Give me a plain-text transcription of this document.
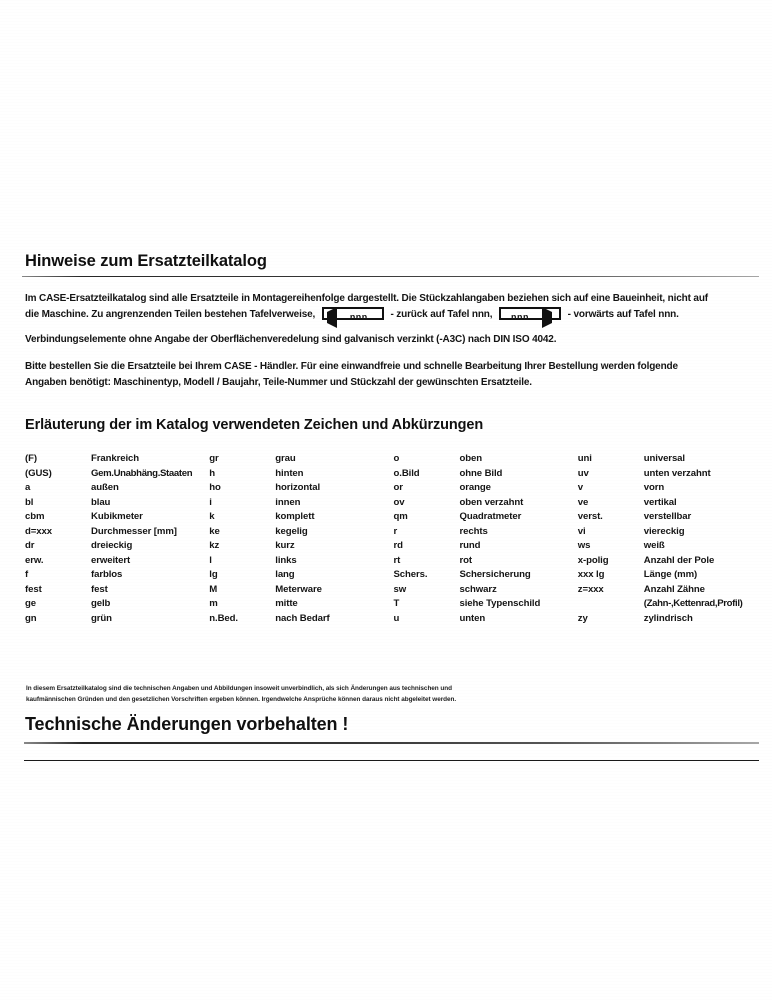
Hinweise zum Ersatzteilkatalog
Im CASE-Ersatzteilkatalog sind alle Ersatzteile in Montagereihenfolge dargestellt. Die Stückzahlangaben beziehen sich auf eine Baueinheit, nicht auf
die Maschine. Zu angrenzenden Teilen bestehen Tafelverweise,	nnn - zurück auf Tafel nnn, nnn	- vorwärts auf Tafel nnn.
Verbindungselemente ohne Angabe der Oberflächenveredelung sind galvanisch verzinkt (-A3C) nach DIN ISO 4042.
Bitte bestellen Sie die Ersatzteile bei Ihrem CASE - Händler. Für eine einwandfreie und schnelle Bearbeitung Ihrer Bestellung werden folgende
Angaben benötigt: Maschinentyp, Modell / Baujahr, Teile-Nummer und Stückzahl der gewünschten Ersatzteile.
Erläuterung der im Katalog verwendeten Zeichen und Abkürzungen
(F)
(GUS)
a
bl
cbm
d=xxx
dr
erw.
f
fest
ge
gn
Frankreich
Gem.Unabhäng.Staaten
außen
blau
Kubikmeter
Durchmesser [mm]
dreieckig
erweitert
farblos
fest
gelb
grün
gr
h
ho
i
k
ke
kz
l
lg
M
m
n.Bed.
grau
hinten
horizontal
innen
komplett
kegelig
kurz
links
lang
Meterware
mitte
nach Bedarf
o
o.Bild
or
ov
qm
r
rd
rt
Schers.
sw
T
u
oben
ohne Bild
orange
oben verzahnt
Quadratmeter
rechts
rund
rot
Schersicherung
schwarz
siehe Typenschild
unten
uni
uv
v
ve
verst.
vi
ws
x-polig
xxx lg
z=xxx
zy
universal
unten verzahnt
vorn
vertikal
verstellbar
viereckig
weiß
Anzahl der Pole
Länge (mm)
Anzahl Zähne
(Zahn-,Kettenrad,Profil)
zylindrisch
In diesem Ersatzteilkatalog sind die technischen Angaben und Abbildungen insoweit unverbindlich, als sich Änderungen aus technischen und
kaufmännischen Gründen und den gesetzlichen Vorschriften ergeben können. Irgendwelche Ansprüche können daraus nicht abgeleitet werden.
Technische Änderungen vorbehalten !
